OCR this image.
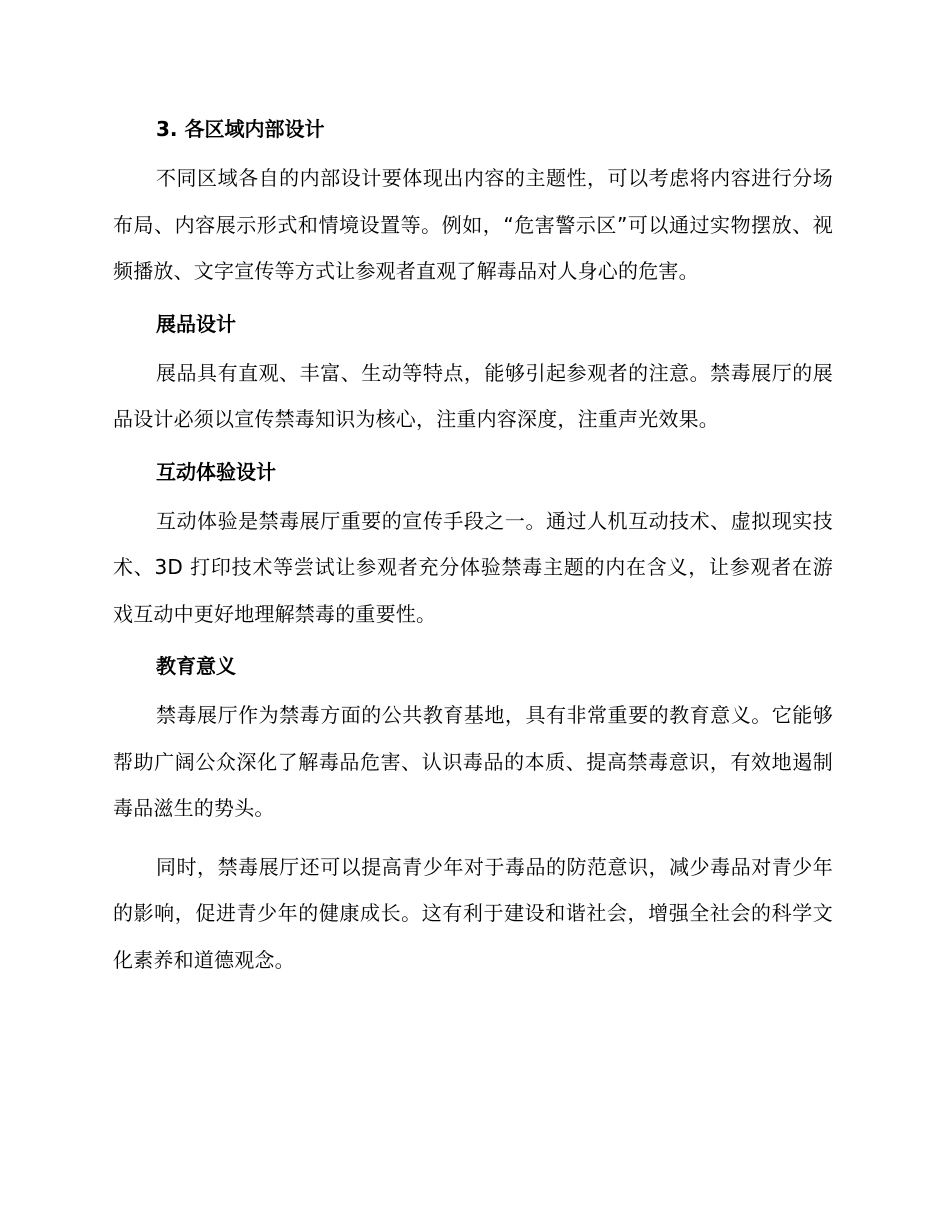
3. 各区域内部设计

不同区域各自的内部设计要体现出内容的主题性，可以考虑将内容进行分场布局、内容展示形式和情境设置等。例如，“危害警示区”可以通过实物摆放、视频播放、文字宣传等方式让参观者直观了解毒品对人身心的危害。

展品设计

展品具有直观、丰富、生动等特点，能够引起参观者的注意。禁毒展厅的展品设计必须以宣传禁毒知识为核心，注重内容深度，注重声光效果。

互动体验设计

互动体验是禁毒展厅重要的宣传手段之一。通过人机互动技术、虚拟现实技术、3D 打印技术等尝试让参观者充分体验禁毒主题的内在含义，让参观者在游戏互动中更好地理解禁毒的重要性。

教育意义

禁毒展厅作为禁毒方面的公共教育基地，具有非常重要的教育意义。它能够帮助广阔公众深化了解毒品危害、认识毒品的本质、提高禁毒意识，有效地遏制毒品滋生的势头。

同时，禁毒展厅还可以提高青少年对于毒品的防范意识，减少毒品对青少年的影响，促进青少年的健康成长。这有利于建设和谐社会，增强全社会的科学文化素养和道德观念。
